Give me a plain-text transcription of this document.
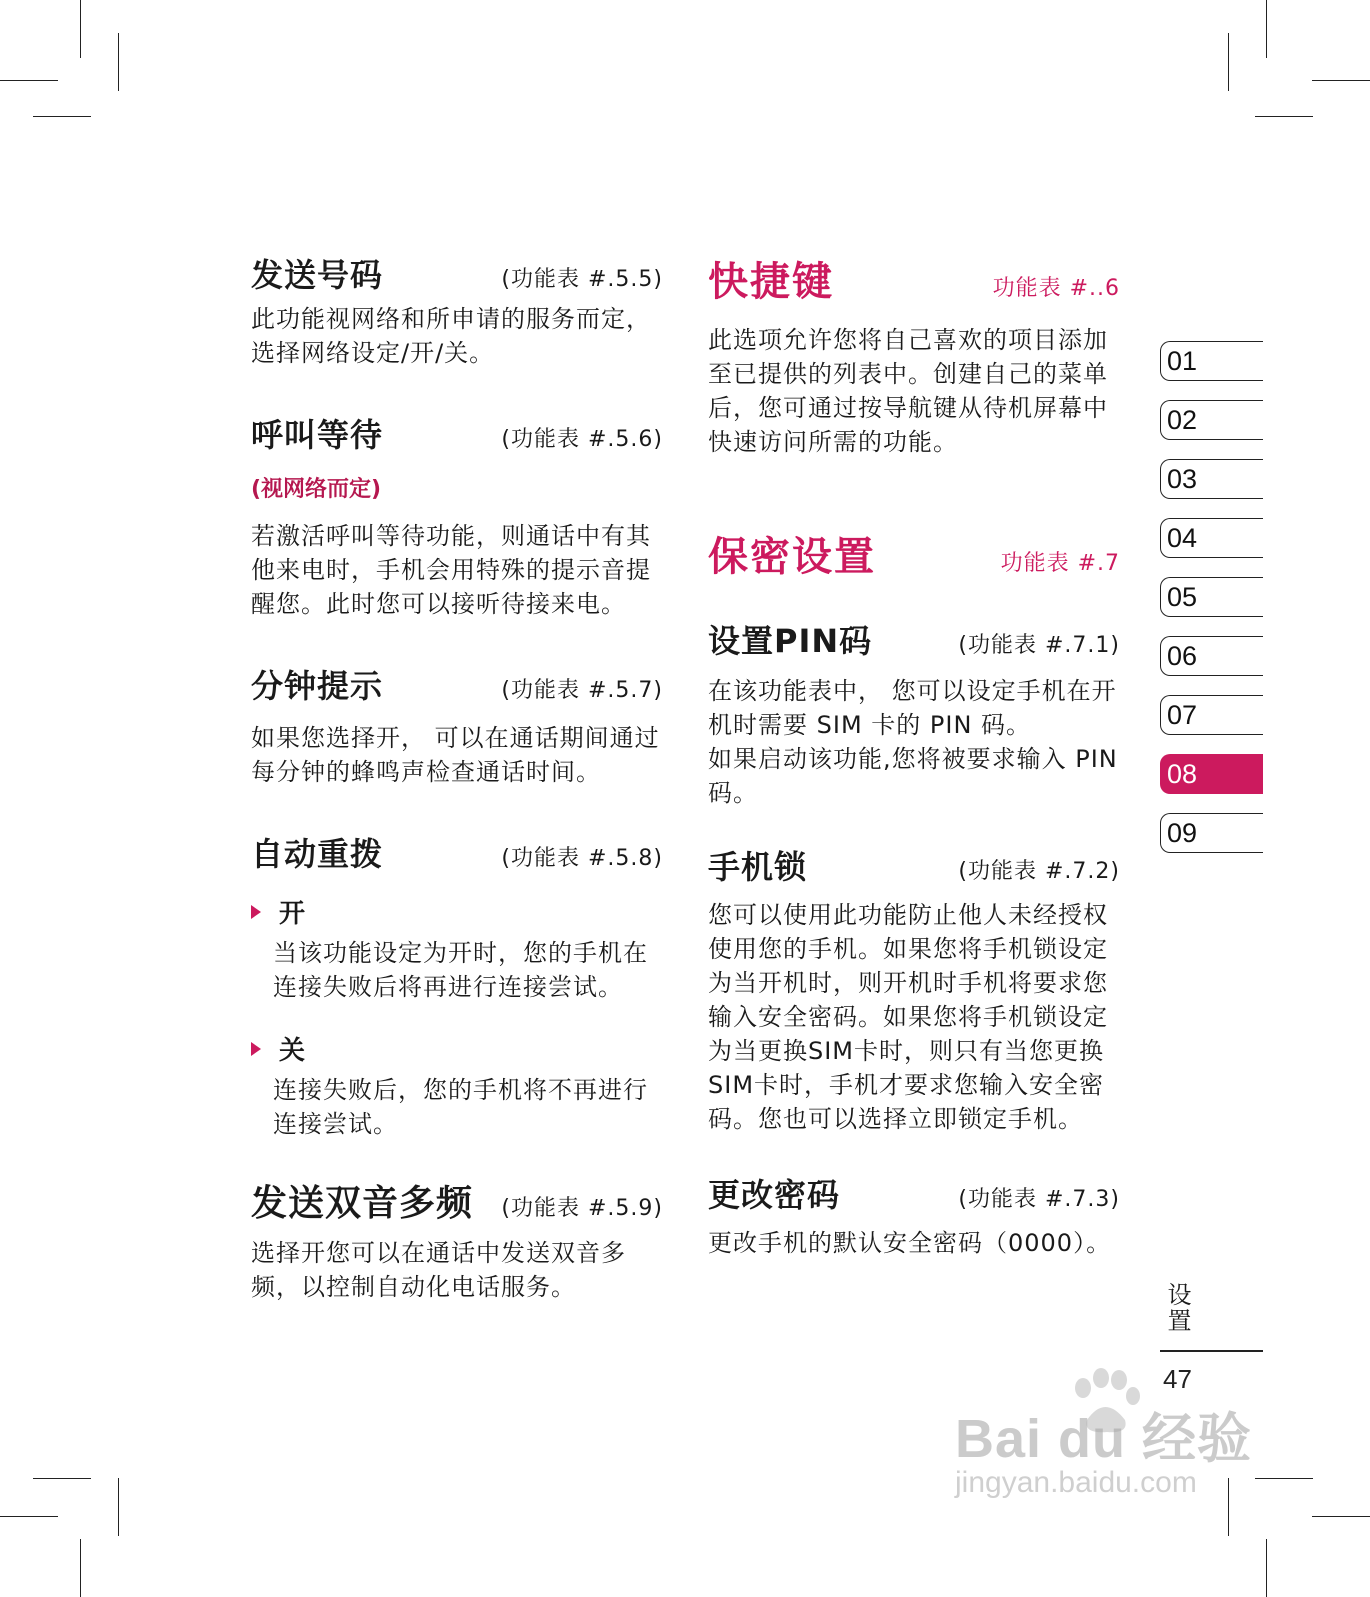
发送号码	(功能表 #.5.5)

此功能视网络和所申请的服务而定，选择网络设定/开/关。

呼叫等待	(功能表 #.5.6)

(视网络而定)

若激活呼叫等待功能，则通话中有其他来电时，手机会用特殊的提示音提醒您。此时您可以接听待接来电。

分钟提示	(功能表 #.5.7)

如果您选择开， 可以在通话期间通过每分钟的蜂鸣声检查通话时间。

自动重拨	(功能表 #.5.8)
开

当该功能设定为开时，您的手机在连接失败后将再进行连接尝试。

关

连接失败后，您的手机将不再进行连接尝试。

发送双音多频 (功能表 #.5.9)

选择开您可以在通话中发送双音多频，以控制自动化电话服务。

快捷键	功能表 #..6

此选项允许您将自己喜欢的项目添加至已提供的列表中。创建自己的菜单后，您可通过按导航键从待机屏幕中快速访问所需的功能。

保密设置	功能表 #.7
设置PIN码	(功能表 #.7.1)

在该功能表中， 您可以设定手机在开机时需要 SIM 卡的 PIN 码。

如果启动该功能,您将被要求输入 PIN 码。

手机锁	(功能表 #.7.2)

您可以使用此功能防止他人未经授权使用您的手机。如果您将手机锁设定为当开机时，则开机时手机将要求您输入安全密码。如果您将手机锁设定为当更换SIM卡时，则只有当您更换SIM卡时，手机才要求您输入安全密码。您也可以选择立即锁定手机。

更改密码	(功能表 #.7.3)

更改手机的默认安全密码（0000）。

01
02
03
04
05
06
07
08
09
设置
47
Bai du 经验
jingyan.baidu.com
